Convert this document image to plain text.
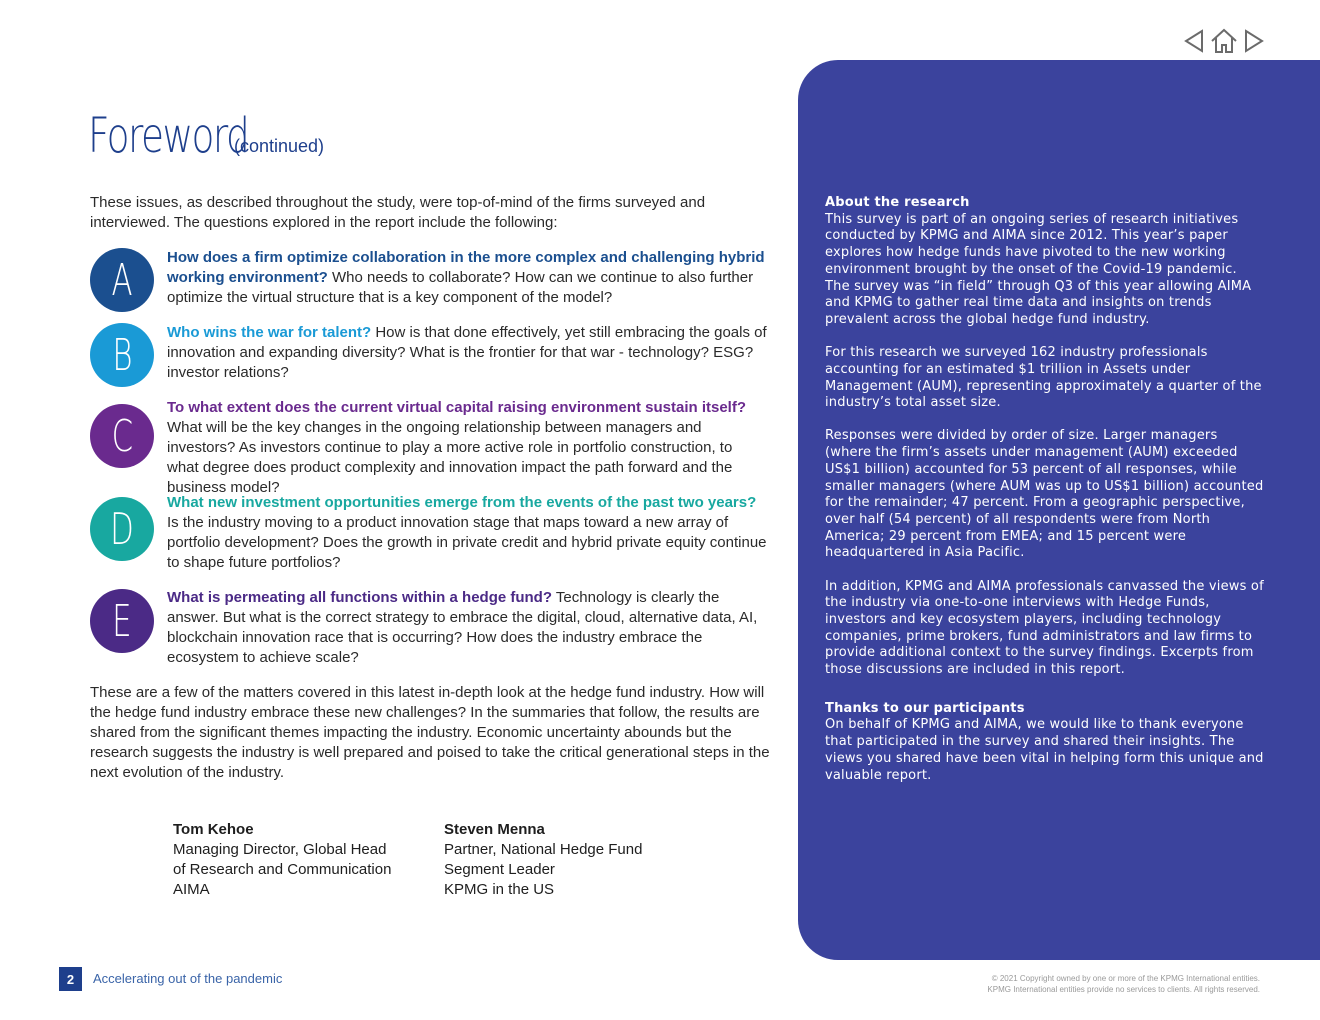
Foreword(continued)

These issues, as described throughout the study, were top-of-mind of the firms surveyed and interviewed. The questions explored in the report include the following:

A How does a firm optimize collaboration in the more complex and challenging hybrid working environment? Who needs to collaborate? How can we continue to also further optimize the virtual structure that is a key component of the model?

B Who wins the war for talent? How is that done effectively, yet still embracing the goals of innovation and expanding diversity? What is the frontier for that war - technology? ESG? investor relations?

C

To what extent does the current virtual capital raising environment sustain itself? What will be the key changes in the ongoing relationship between managers and investors? As investors continue to play a more active role in portfolio construction, to what degree does product complexity and innovation impact the path forward and the business model?

D

What new investment opportunities emerge from the events of the past two years? Is the industry moving to a product innovation stage that maps toward a new array of portfolio development? Does the growth in private credit and hybrid private equity continue to shape future portfolios?

E What is permeating all functions within a hedge fund? Technology is clearly the answer. But what is the correct strategy to embrace the digital, cloud, alternative data, AI, blockchain innovation race that is occurring? How does the industry embrace the ecosystem to achieve scale?

These are a few of the matters covered in this latest in-depth look at the hedge fund industry. How will the hedge fund industry embrace these new challenges? In the summaries that follow, the results are shared from the significant themes impacting the industry. Economic uncertainty abounds but the research suggests the industry is well prepared and poised to take the critical generational steps in the next evolution of the industry.

Tom Kehoe
Managing Director, Global Head
of Research and Communication
AIMA
Steven Menna
Partner, National Hedge Fund
Segment Leader
KPMG in the US
About the research

This survey is part of an ongoing series of research initiatives conducted by KPMG and AIMA since 2012. This year’s paper explores how hedge funds have pivoted to the new working environment brought by the onset of the Covid-19 pandemic. The survey was “in field” through Q3 of this year allowing AIMA and KPMG to gather real time data and insights on trends prevalent across the global hedge fund industry.

For this research we surveyed 162 industry professionals accounting for an estimated $1 trillion in Assets under Management (AUM), representing approximately a quarter of the industry’s total asset size.

Responses were divided by order of size. Larger managers (where the firm’s assets under management (AUM) exceeded US$1 billion) accounted for 53 percent of all responses, while smaller managers (where AUM was up to US$1 billion) accounted for the remainder; 47 percent. From a geographic perspective, over half (54 percent) of all respondents were from North America; 29 percent from EMEA; and 15 percent were headquartered in Asia Pacific.

In addition, KPMG and AIMA professionals canvassed the views of the industry via one-to-one interviews with Hedge Funds, investors and key ecosystem players, including technology companies, prime brokers, fund administrators and law firms to provide additional context to the survey findings. Excerpts from those discussions are included in this report.

Thanks to our participants

On behalf of KPMG and AIMA, we would like to thank everyone that participated in the survey and shared their insights. The views you shared have been vital in helping form this unique and valuable report.

2	Accelerating out of the pandemic	© 2021 Copyright owned by one or more of the KPMG International entities.
KPMG International entities provide no services to clients. All rights reserved.
